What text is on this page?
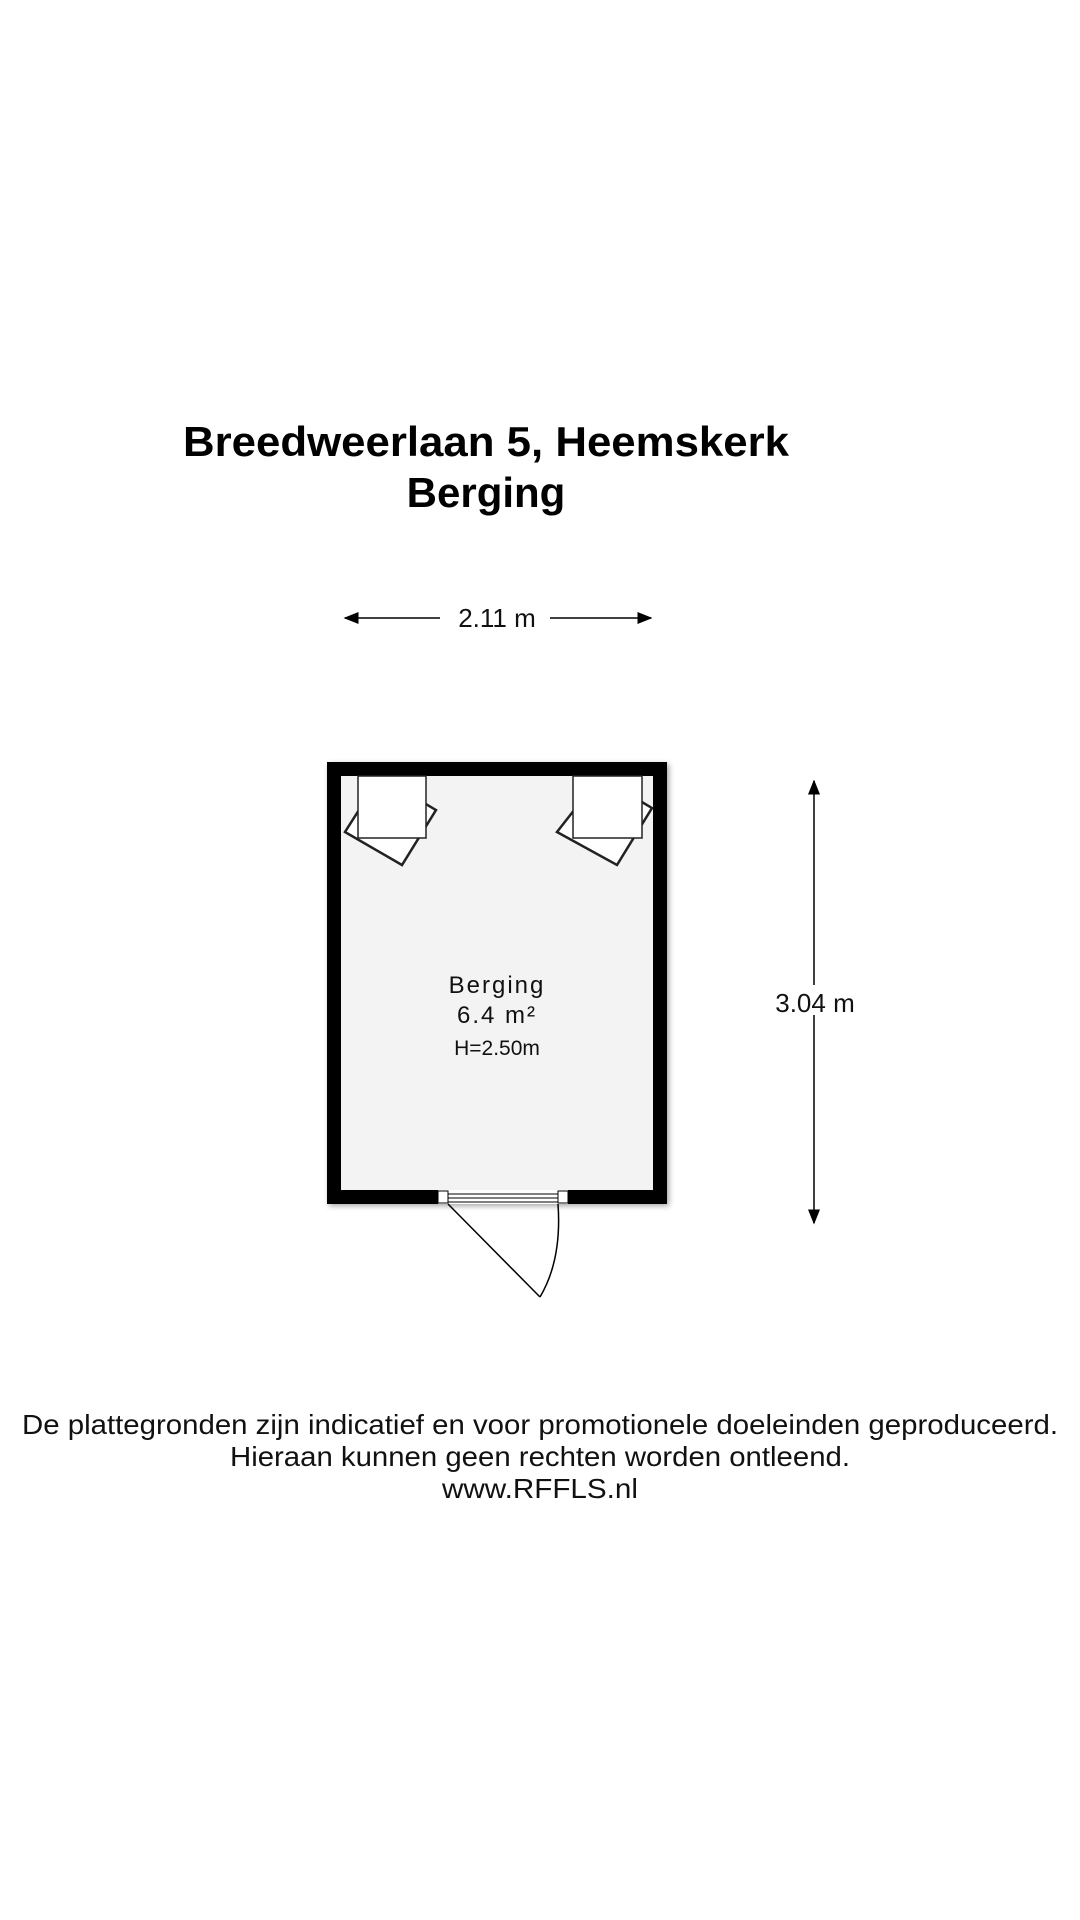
Breedweerlaan 5, Heemskerk
Berging
2.11 m
3.04 m
Berging
6.4 m²
H=2.50m
De plattegronden zijn indicatief en voor promotionele doeleinden geproduceerd.
Hieraan kunnen geen rechten worden ontleend.
www.RFFLS.nl
